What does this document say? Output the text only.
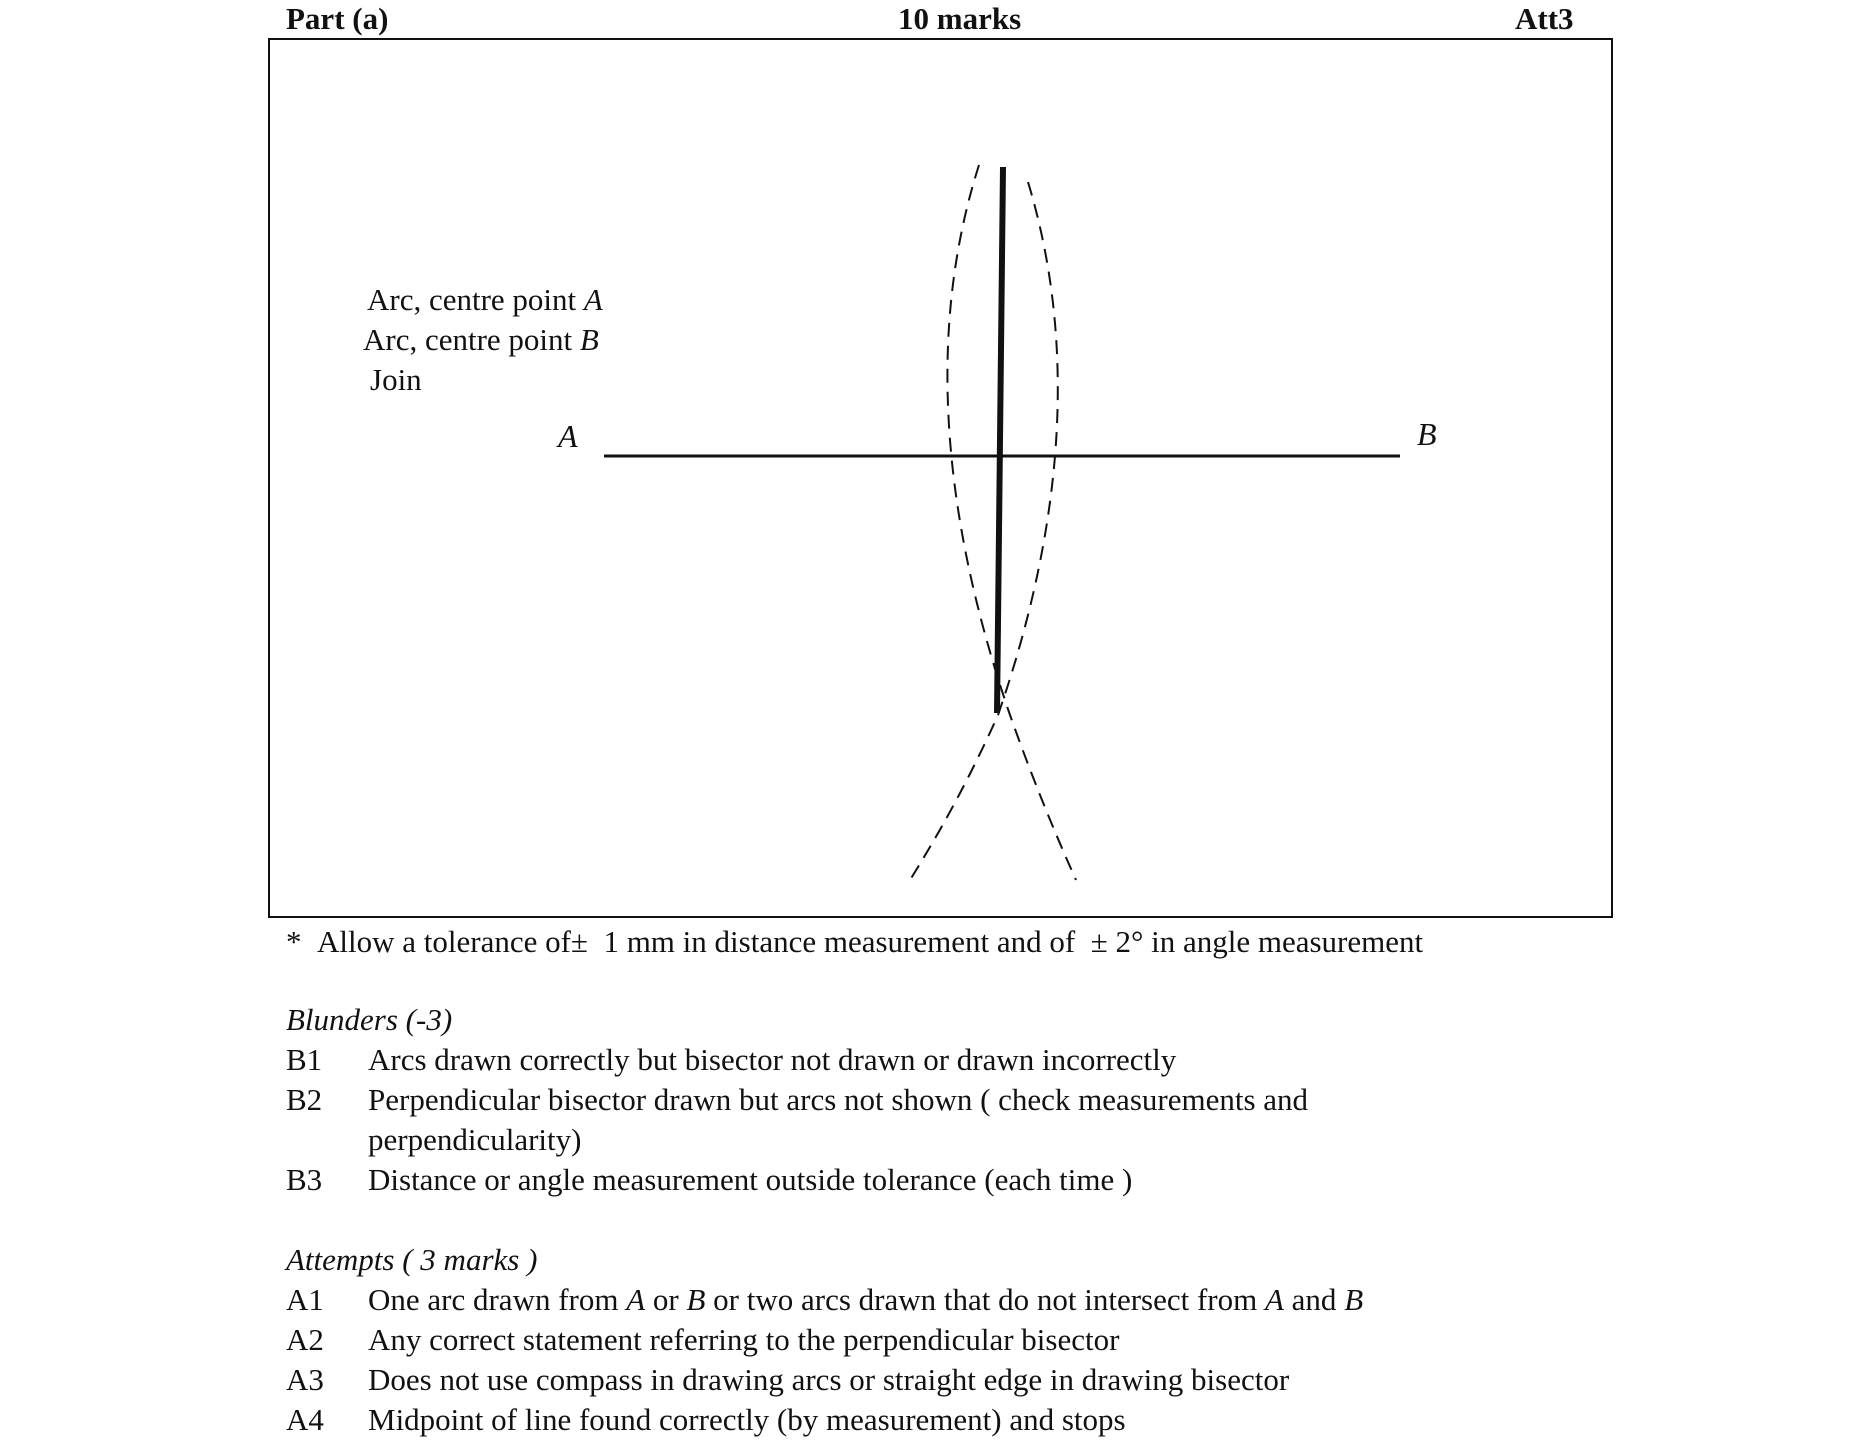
Part (a)	10 marks	Att3
Arc, centre point A
Arc, centre point B
Join
A	B
* Allow a tolerance of± 1 mm in distance measurement and of ± 2° in angle measurement
Blunders (-3)
B1 Arcs drawn correctly but bisector not drawn or drawn incorrectly
B2 Perpendicular bisector drawn but arcs not shown ( check measurements and
perpendicularity)
B3 Distance or angle measurement outside tolerance (each time )
Attempts ( 3 marks )
A1 One arc drawn from A or B or two arcs drawn that do not intersect from A and B
A2 Any correct statement referring to the perpendicular bisector
A3 Does not use compass in drawing arcs or straight edge in drawing bisector
A4 Midpoint of line found correctly (by measurement) and stops
